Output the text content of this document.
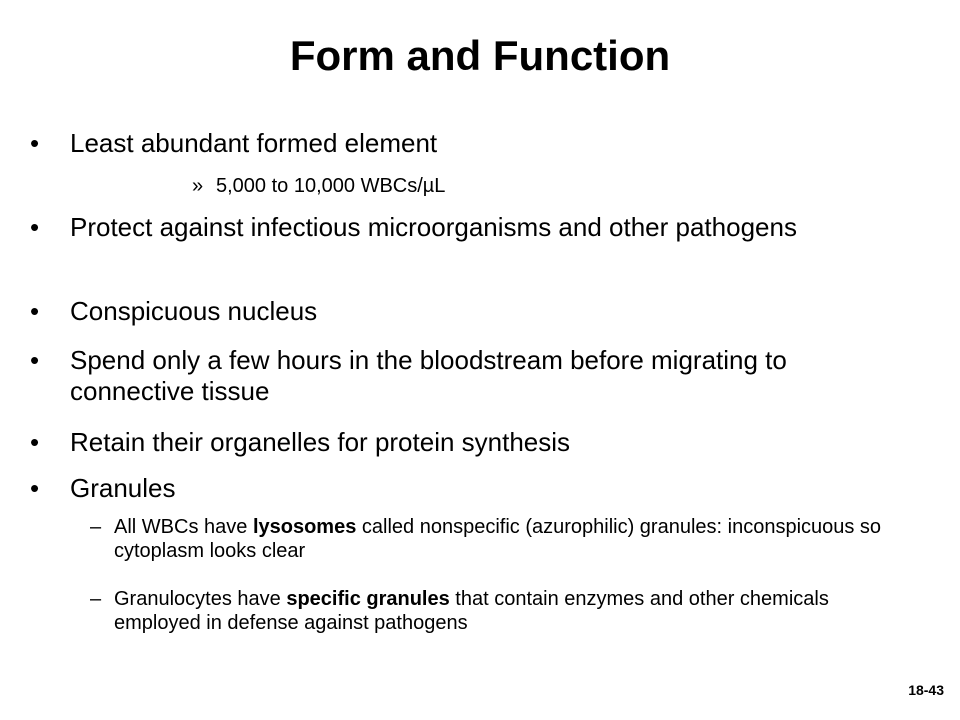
Form and Function
• Least abundant formed element
» 5,000 to 10,000 WBCs/µL
• Protect against infectious microorganisms and other pathogens
• Conspicuous nucleus
• Spend only a few hours in the bloodstream before migrating to connective tissue
• Retain their organelles for protein synthesis
• Granules
– All WBCs have lysosomes called nonspecific (azurophilic) granules: inconspicuous so cytoplasm looks clear
– Granulocytes have specific granules that contain enzymes and other chemicals employed in defense against pathogens
18-43
